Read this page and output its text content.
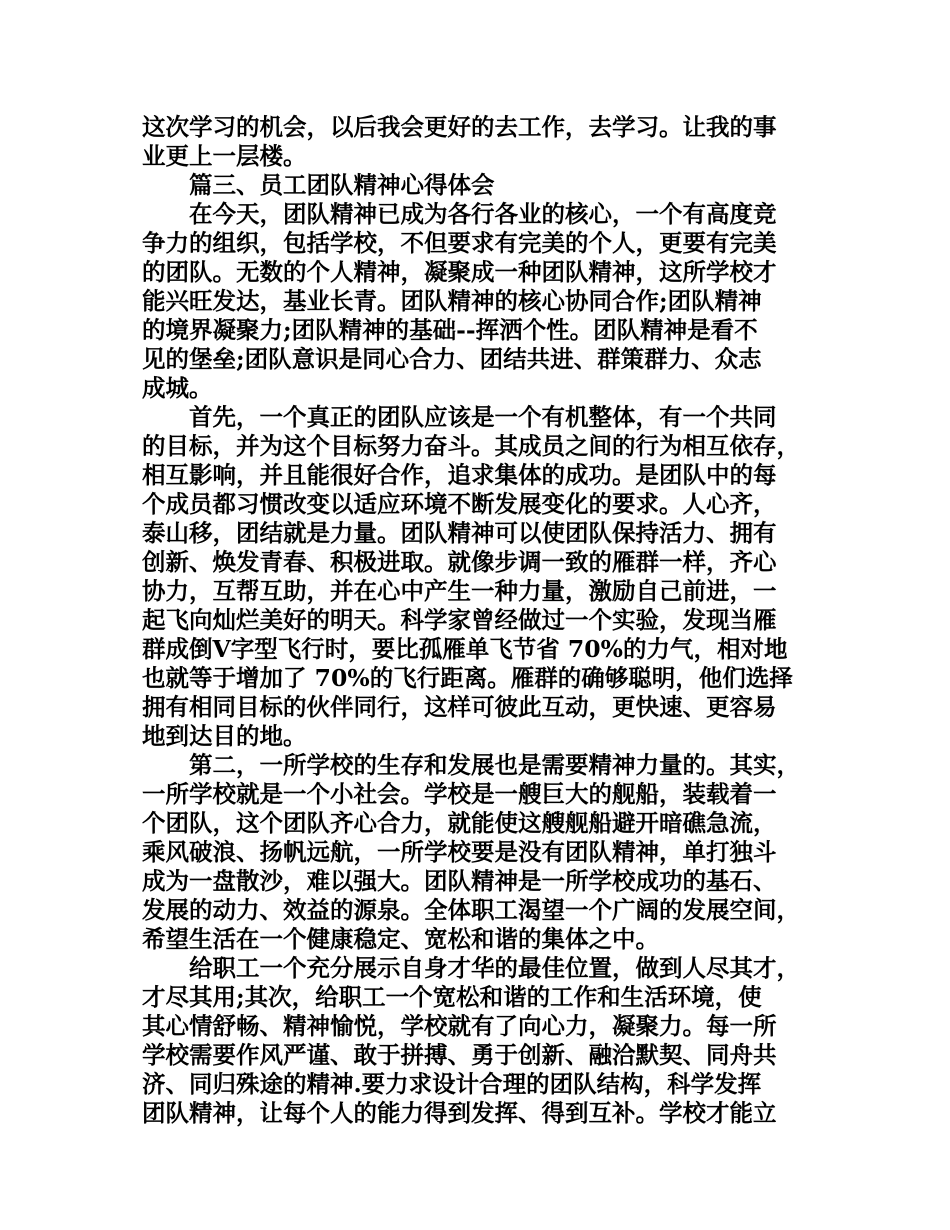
这次学习的机会，以后我会更好的去工作，去学习。让我的事
业更上一层楼。
篇三、员工团队精神心得体会
在今天，团队精神已成为各行各业的核心，一个有高度竞
争力的组织，包括学校，不但要求有完美的个人，更要有完美
的团队。无数的个人精神，凝聚成一种团队精神，这所学校才
能兴旺发达，基业长青。团队精神的核心协同合作;团队精神
的境界凝聚力;团队精神的基础--挥洒个性。团队精神是看不
见的堡垒;团队意识是同心合力、团结共进、群策群力、众志
成城。
首先，一个真正的团队应该是一个有机整体，有一个共同
的目标，并为这个目标努力奋斗。其成员之间的行为相互依存，
相互影响，并且能很好合作，追求集体的成功。是团队中的每
个成员都习惯改变以适应环境不断发展变化的要求。人心齐，
泰山移，团结就是力量。团队精神可以使团队保持活力、拥有
创新、焕发青春、积极进取。就像步调一致的雁群一样，齐心
协力，互帮互助，并在心中产生一种力量，激励自己前进，一
起飞向灿烂美好的明天。科学家曾经做过一个实验，发现当雁
群成倒V字型飞行时，要比孤雁单飞节省 70%的力气，相对地
也就等于增加了 70%的飞行距离。雁群的确够聪明，他们选择
拥有相同目标的伙伴同行，这样可彼此互动，更快速、更容易
地到达目的地。
第二，一所学校的生存和发展也是需要精神力量的。其实，
一所学校就是一个小社会。学校是一艘巨大的舰船，装载着一
个团队，这个团队齐心合力，就能使这艘舰船避开暗礁急流，
乘风破浪、扬帆远航，一所学校要是没有团队精神，单打独斗
成为一盘散沙，难以强大。团队精神是一所学校成功的基石、
发展的动力、效益的源泉。全体职工渴望一个广阔的发展空间，
希望生活在一个健康稳定、宽松和谐的集体之中。
给职工一个充分展示自身才华的最佳位置，做到人尽其才，
才尽其用;其次，给职工一个宽松和谐的工作和生活环境，使
其心情舒畅、精神愉悦，学校就有了向心力，凝聚力。每一所
学校需要作风严谨、敢于拼搏、勇于创新、融洽默契、同舟共
济、同归殊途的精神.要力求设计合理的团队结构，科学发挥
团队精神，让每个人的能力得到发挥、得到互补。学校才能立
